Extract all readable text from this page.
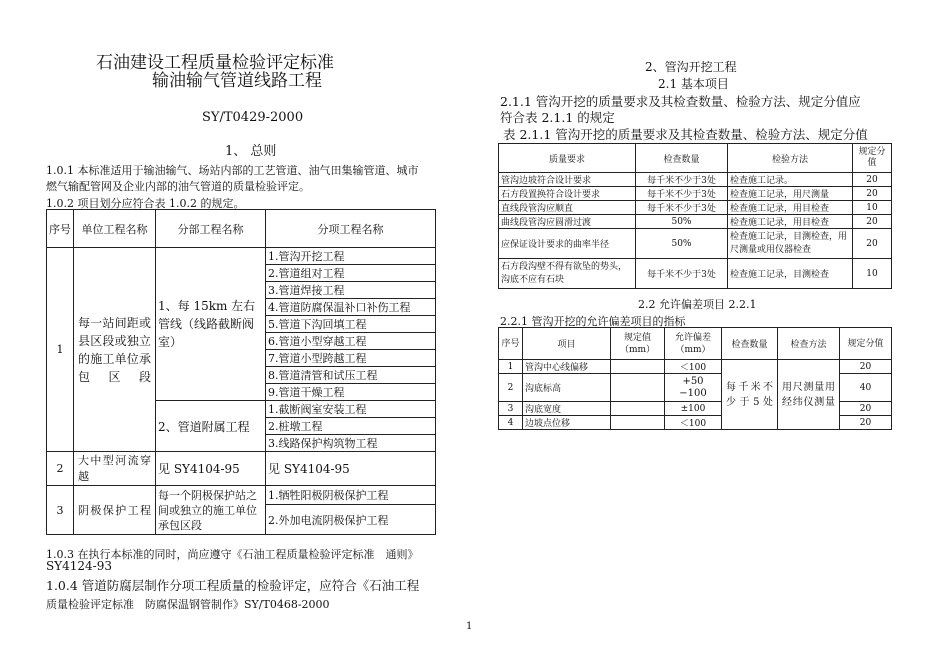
石油建设工程质量检验评定标准
输油输气管道线路工程
SY/T0429-2000
1、 总则
1.0.1 本标准适用于输油输气、场站内部的工艺管道、油气田集输管道、城市
燃气输配管网及企业内部的油气管道的质量检验评定。
1.0.2 项目划分应符合表 1.0.2 的规定。
序号	单位工程名称	分部工程名称	分项工程名称
1	每一站间距或县区段或独立的施工单位承包区段	1、每 15km 左右管线（线路截断阀室）	1.管沟开挖工程
			2.管道组对工程
			3.管道焊接工程
			4.管道防腐保温补口补伤工程
			5.管道下沟回填工程
			6.管道小型穿越工程
			7.管道小型跨越工程
			8.管道清管和试压工程
			9.管道干燥工程
		2、管道附属工程	1.截断阀室安装工程
			2.桩墩工程
			3.线路保护构筑物工程
2	大中型河流穿越	见 SY4104-95	见 SY4104-95
3	阴极保护工程	每一个阴极保护站之间或独立的施工单位承包区段	1.牺牲阳极阴极保护工程
			2.外加电流阴极保护工程
1.0.3 在执行本标准的同时，尚应遵守《石油工程质量检验评定标准　通则》
SY4124-93
1.0.4 管道防腐层制作分项工程质量的检验评定，应符合《石油工程
质量检验评定标准　防腐保温钢管制作》SY/T0468-2000
2、管沟开挖工程
2.1 基本项目
2.1.1 管沟开挖的质量要求及其检查数量、检验方法、规定分值应
符合表 2.1.1 的规定
表 2.1.1 管沟开挖的质量要求及其检查数量、检验方法、规定分值
质量要求	检查数量	检验方法	规定分值
管沟边坡符合设计要求	每千米不少于3处	检查施工记录。	20
石方段置换符合设计要求	每千米不少于3处	检查施工记录，用尺测量	20
直线段管沟应顺直	每千米不少于3处	检查施工记录，用目检查	10
曲线段管沟应圆滑过渡	50%	检查施工记录，用目检查	20
应保证设计要求的曲率半径	50%	检查施工记录，目测检查，用尺测量或用仪器检查	20
石方段沟壁不得有欲坠的势头，沟底不应有石块	每千米不少于3处	检查施工记录，目测检查	10
2.2 允许偏差项目 2.2.1
2.2.1 管沟开挖的允许偏差项目的指标
序号	项目	规定值（mm）	允许偏差（mm）	检查数量	检查方法	规定分值
1	管沟中心线偏移		＜100	每千米不少于5处	用尺测量用经纬仪测量	20
2	沟底标高		+50
−100			40
3	沟底宽度		±100			20
4	边坡点位移		＜100			20
1
